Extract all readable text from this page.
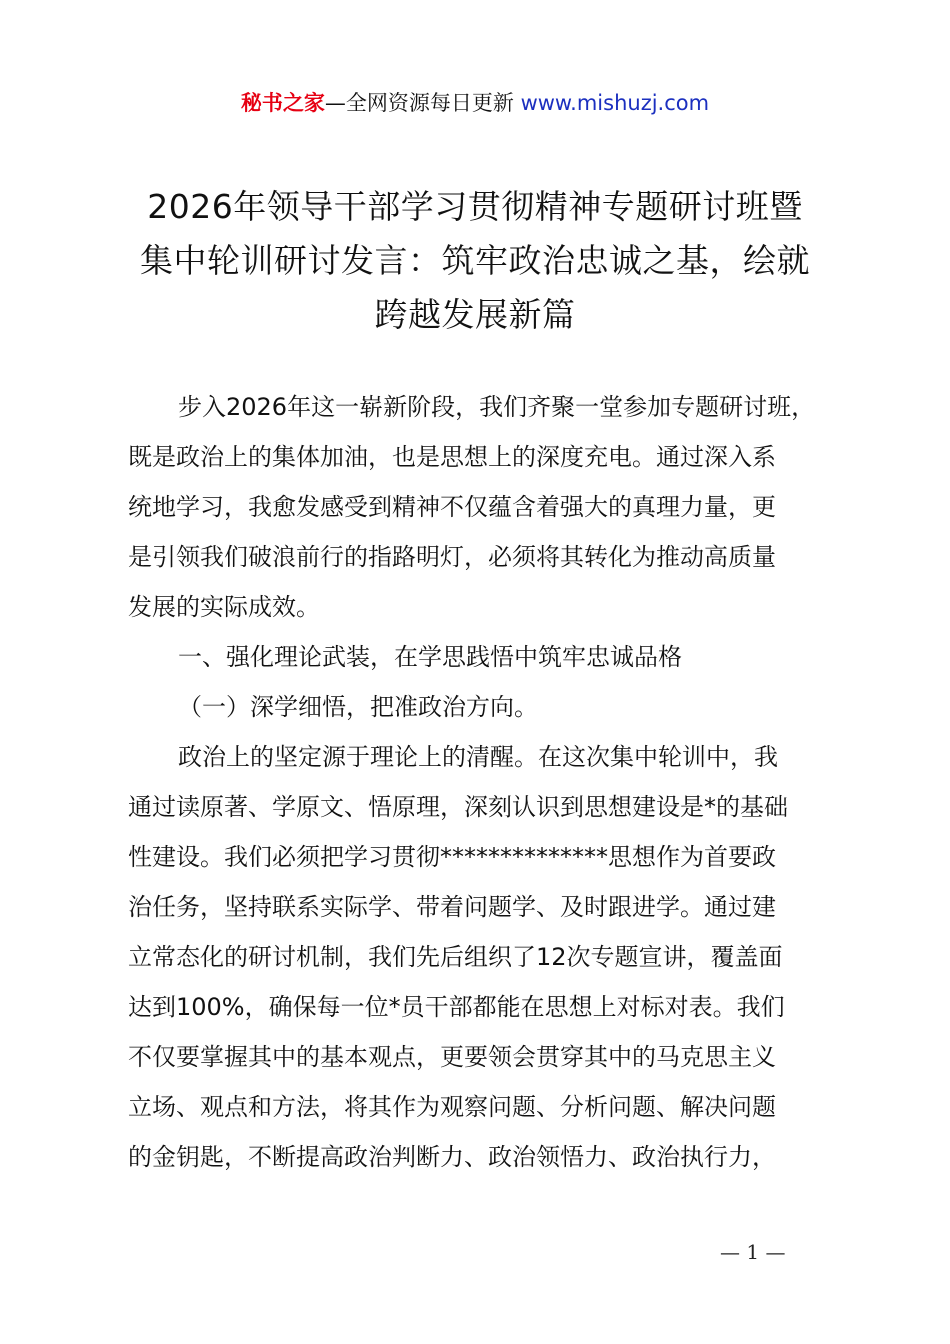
秘书之家—全网资源每日更新 www.mishuzj.com
2026年领导干部学习贯彻精神专题研讨班暨
集中轮训研讨发言：筑牢政治忠诚之基，绘就
跨越发展新篇
步入2026年这一崭新阶段，我们齐聚一堂参加专题研讨班，
既是政治上的集体加油，也是思想上的深度充电。通过深入系
统地学习，我愈发感受到精神不仅蕴含着强大的真理力量，更
是引领我们破浪前行的指路明灯，必须将其转化为推动高质量
发展的实际成效。
一、强化理论武装，在学思践悟中筑牢忠诚品格
（一）深学细悟，把准政治方向。
政治上的坚定源于理论上的清醒。在这次集中轮训中，我
通过读原著、学原文、悟原理，深刻认识到思想建设是*的基础
性建设。我们必须把学习贯彻**************思想作为首要政
治任务，坚持联系实际学、带着问题学、及时跟进学。通过建
立常态化的研讨机制，我们先后组织了12次专题宣讲，覆盖面
达到100%，确保每一位*员干部都能在思想上对标对表。我们
不仅要掌握其中的基本观点，更要领会贯穿其中的马克思主义
立场、观点和方法，将其作为观察问题、分析问题、解决问题
的金钥匙，不断提高政治判断力、政治领悟力、政治执行力，
— 1 —
